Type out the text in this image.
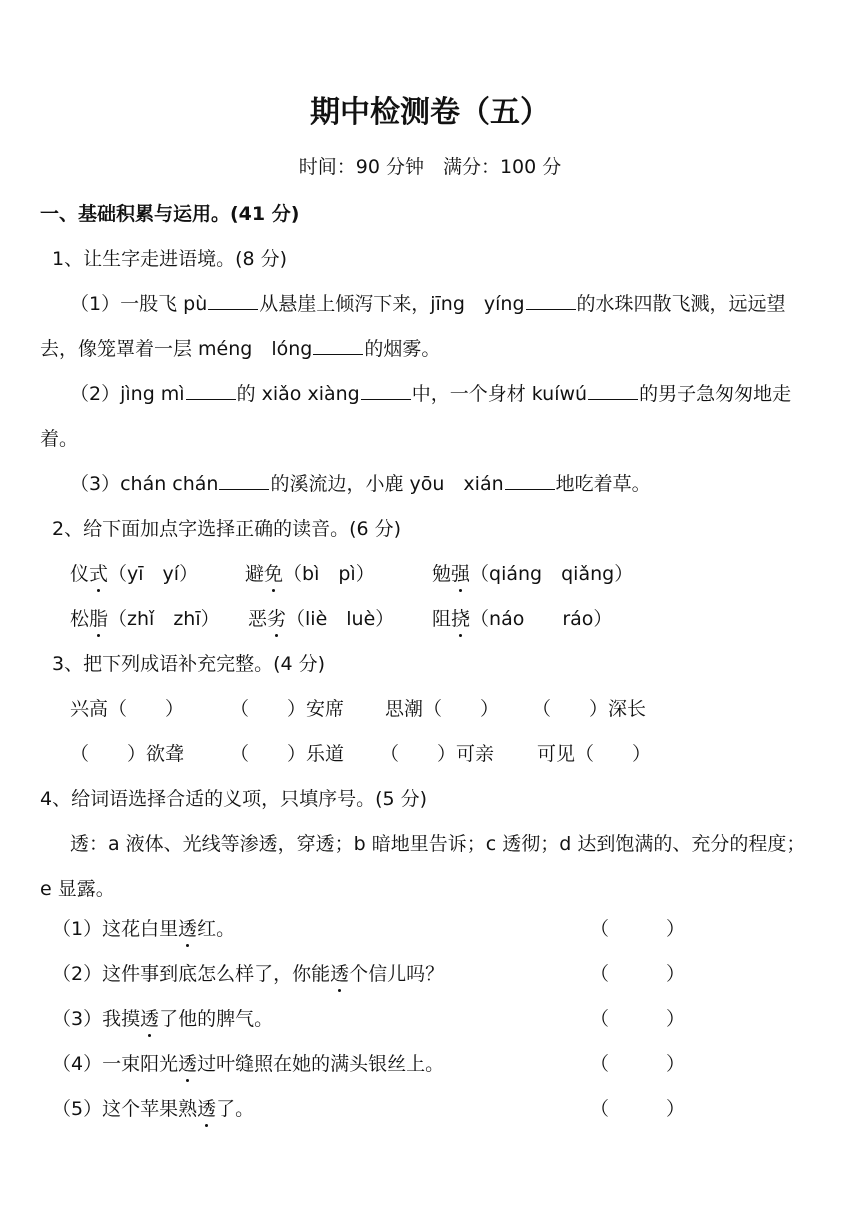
期中检测卷（五）
时间：90 分钟　满分：100 分
一、基础积累与运用。(41 分)
1、让生字走进语境。(8 分)
（1）一股飞 pù	从悬崖上倾泻下来，jīng　yíng	的水珠四散飞溅，远远望
去，像笼罩着一层 méng　lóng	的烟雾。
（2）jìng mì	的 xiǎo xiàng	中，一个身材 kuíwú	的男子急匆匆地走
着。
（3）chán chán	的溪流边，小鹿 yōu　xián	地吃着草。
2、给下面加点字选择正确的读音。(6 分)
仪式（yī　yí） 避免（bì　pì）	勉强（qiáng　qiǎng）
松脂（zhǐ　zhī） 恶劣（liè　luè） 阻挠（náo　　ráo）
3、把下列成语补充完整。(4 分)
兴高（　　） （　　）安席 思潮（　　） （　　）深长
（　　）欲聋 （　　）乐道 （　　）可亲 可见（　　）
4、给词语选择合适的义项，只填序号。(5 分)
透：a 液体、光线等渗透，穿透；b 暗地里告诉；c 透彻；d 达到饱满的、充分的程度；
e 显露。
（1）这花白里透红。	（　　　）
（2）这件事到底怎么样了，你能透个信儿吗？	（　　　）
（3）我摸透了他的脾气。	（　　　）
（4）一束阳光透过叶缝照在她的满头银丝上。	（　　　）
（5）这个苹果熟透了。	（　　　）
